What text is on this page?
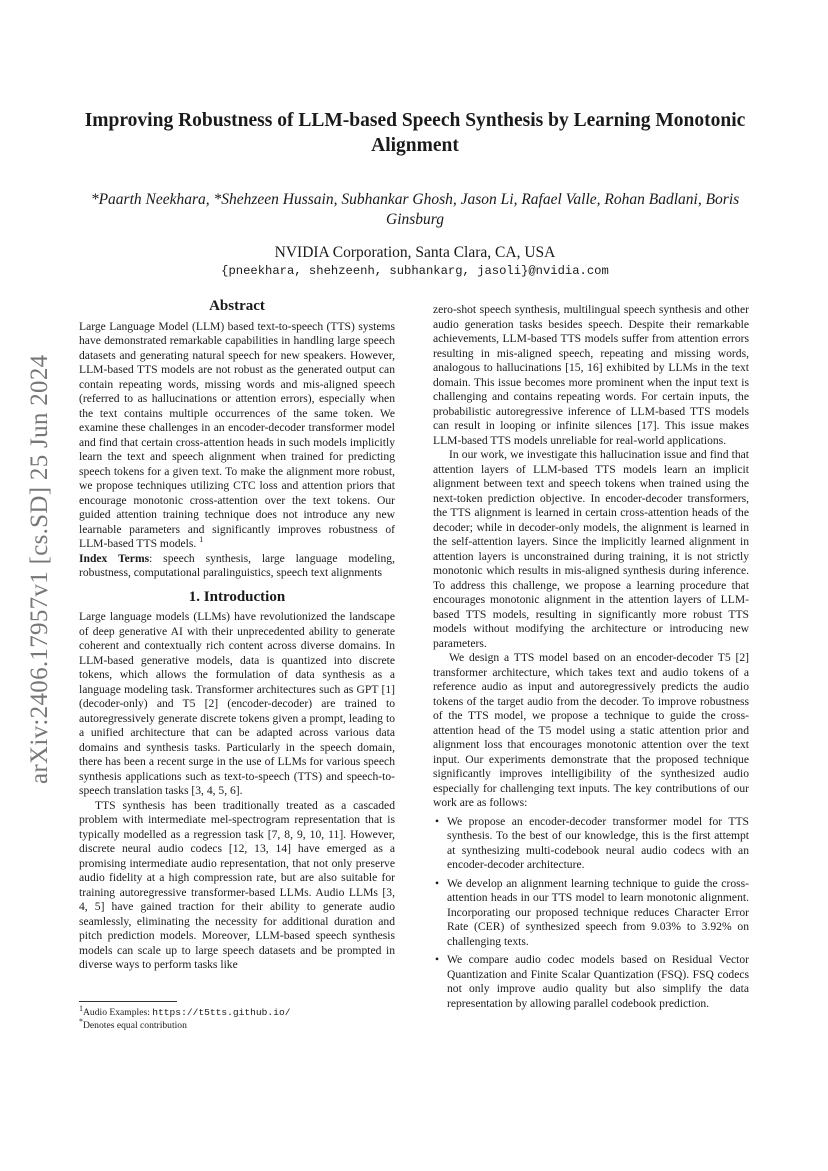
arXiv:2406.17957v1 [cs.SD] 25 Jun 2024
Improving Robustness of LLM-based Speech Synthesis by Learning Monotonic Alignment
*Paarth Neekhara, *Shehzeen Hussain, Subhankar Ghosh, Jason Li, Rafael Valle, Rohan Badlani, Boris Ginsburg
NVIDIA Corporation, Santa Clara, CA, USA
{pneekhara, shehzeenh, subhankarg, jasoli}@nvidia.com
Abstract

Large Language Model (LLM) based text-to-speech (TTS) systems have demonstrated remarkable capabilities in handling large speech datasets and generating natural speech for new speakers. However, LLM-based TTS models are not robust as the generated output can contain repeating words, missing words and mis-aligned speech (referred to as hallucinations or attention errors), especially when the text contains multiple occurrences of the same token. We examine these challenges in an encoder-decoder transformer model and find that certain cross-attention heads in such models implicitly learn the text and speech alignment when trained for predicting speech tokens for a given text. To make the alignment more robust, we propose techniques utilizing CTC loss and attention priors that encourage monotonic cross-attention over the text tokens. Our guided attention training technique does not introduce any new learnable parameters and significantly improves robustness of LLM-based TTS models. $^1$

Index Terms: speech synthesis, large language modeling, robustness, computational paralinguistics, speech text alignments

1. Introduction

Large language models (LLMs) have revolutionized the landscape of deep generative AI with their unprecedented ability to generate coherent and contextually rich content across diverse domains. In LLM-based generative models, data is quantized into discrete tokens, which allows the formulation of data synthesis as a language modeling task. Transformer architectures such as GPT [1] (decoder-only) and T5 [2] (encoder-decoder) are trained to autoregressively generate discrete tokens given a prompt, leading to a unified architecture that can be adapted across various data domains and synthesis tasks. Particularly in the speech domain, there has been a recent surge in the use of LLMs for various speech synthesis applications such as text-to-speech (TTS) and speech-to-speech translation tasks [3, 4, 5, 6].

TTS synthesis has been traditionally treated as a cascaded problem with intermediate mel-spectrogram representation that is typically modelled as a regression task [7, 8, 9, 10, 11]. However, discrete neural audio codecs [12, 13, 14] have emerged as a promising intermediate audio representation, that not only preserve audio fidelity at a high compression rate, but are also suitable for training autoregressive transformer-based LLMs. Audio LLMs [3, 4, 5] have gained traction for their ability to generate audio seamlessly, eliminating the necessity for additional duration and pitch prediction models. Moreover, LLM-based speech synthesis models can scale up to large speech datasets and be prompted in diverse ways to perform tasks like

$^1$Audio Examples: https://t5tts.github.io/
*Denotes equal contribution

zero-shot speech synthesis, multilingual speech synthesis and other audio generation tasks besides speech. Despite their remarkable achievements, LLM-based TTS models suffer from attention errors resulting in mis-aligned speech, repeating and missing words, analogous to hallucinations [15, 16] exhibited by LLMs in the text domain. This issue becomes more prominent when the input text is challenging and contains repeating words. For certain inputs, the probabilistic autoregressive inference of LLM-based TTS models can result in looping or infinite silences [17]. This issue makes LLM-based TTS models unreliable for real-world applications.

In our work, we investigate this hallucination issue and find that attention layers of LLM-based TTS models learn an implicit alignment between text and speech tokens when trained using the next-token prediction objective. In encoder-decoder transformers, the TTS alignment is learned in certain cross-attention heads of the decoder; while in decoder-only models, the alignment is learned in the self-attention layers. Since the implicitly learned alignment in attention layers is unconstrained during training, it is not strictly monotonic which results in mis-aligned synthesis during inference. To address this challenge, we propose a learning procedure that encourages monotonic alignment in the attention layers of LLM-based TTS models, resulting in significantly more robust TTS models without modifying the architecture or introducing new parameters.

We design a TTS model based on an encoder-decoder T5 [2] transformer architecture, which takes text and audio tokens of a reference audio as input and autoregressively predicts the audio tokens of the target audio from the decoder. To improve robustness of the TTS model, we propose a technique to guide the cross-attention head of the T5 model using a static attention prior and alignment loss that encourages monotonic attention over the text input. Our experiments demonstrate that the proposed technique significantly improves intelligibility of the synthesized audio especially for challenging text inputs. The key contributions of our work are as follows:

• We propose an encoder-decoder transformer model for TTS synthesis. To the best of our knowledge, this is the first attempt at synthesizing multi-codebook neural audio codecs with an encoder-decoder architecture.
• We develop an alignment learning technique to guide the cross-attention heads in our TTS model to learn monotonic alignment. Incorporating our proposed technique reduces Character Error Rate (CER) of synthesized speech from 9.03% to 3.92% on challenging texts.
• We compare audio codec models based on Residual Vector Quantization and Finite Scalar Quantization (FSQ). FSQ codecs not only improve audio quality but also simplify the data representation by allowing parallel codebook prediction.
